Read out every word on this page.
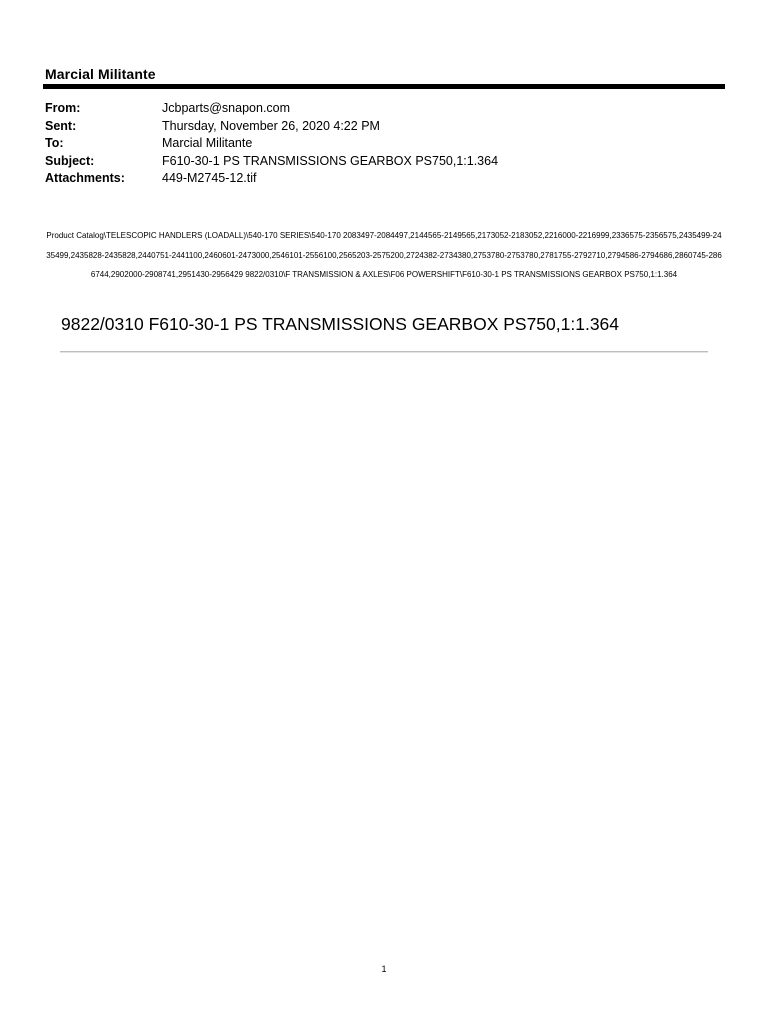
Marcial Militante
From:	Jcbparts@snapon.com
Sent:	Thursday, November 26, 2020 4:22 PM
To:	Marcial Militante
Subject:	F610-30-1 PS TRANSMISSIONS GEARBOX PS750,1:1.364
Attachments:	449-M2745-12.tif
Product Catalog\TELESCOPIC HANDLERS (LOADALL)\540-170 SERIES\540-170 2083497-2084497,2144565-2149565,2173052-2183052,2216000-2216999,2336575-2356575,2435499-2435499,2435828-2435828,2440751-2441100,2460601-2473000,2546101-2556100,2565203-2575200,2724382-2734380,2753780-2753780,2781755-2792710,2794586-2794686,2860745-2866744,2902000-2908741,2951430-2956429 9822/0310\F TRANSMISSION & AXLES\F06 POWERSHIFT\F610-30-1 PS TRANSMISSIONS GEARBOX PS750,1:1.364
9822/0310 F610-30-1 PS TRANSMISSIONS GEARBOX PS750,1:1.364
1
